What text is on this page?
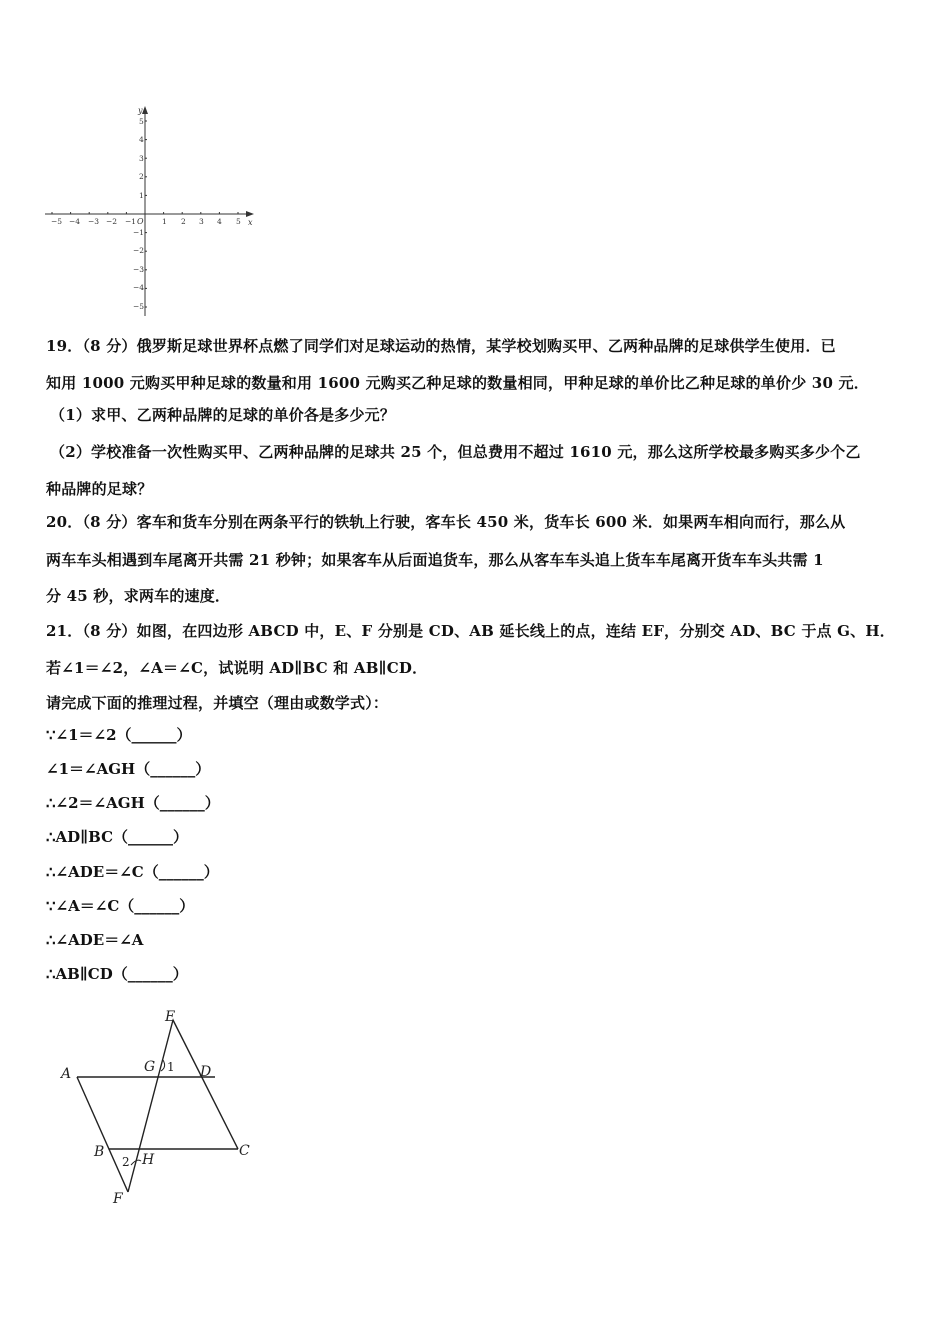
x
y
O
−5 −4 −3 −2 −1	1 2 3 4 5
5
4
3
2
1
−1
−2
−3
−4
−5
19．（8 分）俄罗斯足球世界杯点燃了同学们对足球运动的热情，某学校划购买甲、乙两种品牌的足球供学生使用．已
知用 1000 元购买甲种足球的数量和用 1600 元购买乙种足球的数量相同，甲种足球的单价比乙种足球的单价少 30 元．
（1）求甲、乙两种品牌的足球的单价各是多少元？
（2）学校准备一次性购买甲、乙两种品牌的足球共 25 个，但总费用不超过 1610 元，那么这所学校最多购买多少个乙
种品牌的足球？
20．（8 分）客车和货车分别在两条平行的铁轨上行驶，客车长 450 米，货车长 600 米．如果两车相向而行，那么从
两车车头相遇到车尾离开共需 21 秒钟；如果客车从后面追货车，那么从客车车头追上货车车尾离开货车车头共需 1
分 45 秒，求两车的速度．
21．（8 分）如图，在四边形 ABCD 中，E、F 分别是 CD、AB 延长线上的点，连结 EF，分别交 AD、BC 于点 G、H．
若∠1＝∠2，∠A＝∠C，试说明 AD∥BC 和 AB∥CD．
请完成下面的推理过程，并填空（理由或数学式）：
∵∠1＝∠2（______）
∠1＝∠AGH（______）
∴∠2＝∠AGH（______）
∴AD∥BC（______）
∴∠ADE＝∠C（______）
∵∠A＝∠C（______）
∴∠ADE＝∠A
∴AB∥CD（______）
E
A	G	D
B	H
C
F
1
2
